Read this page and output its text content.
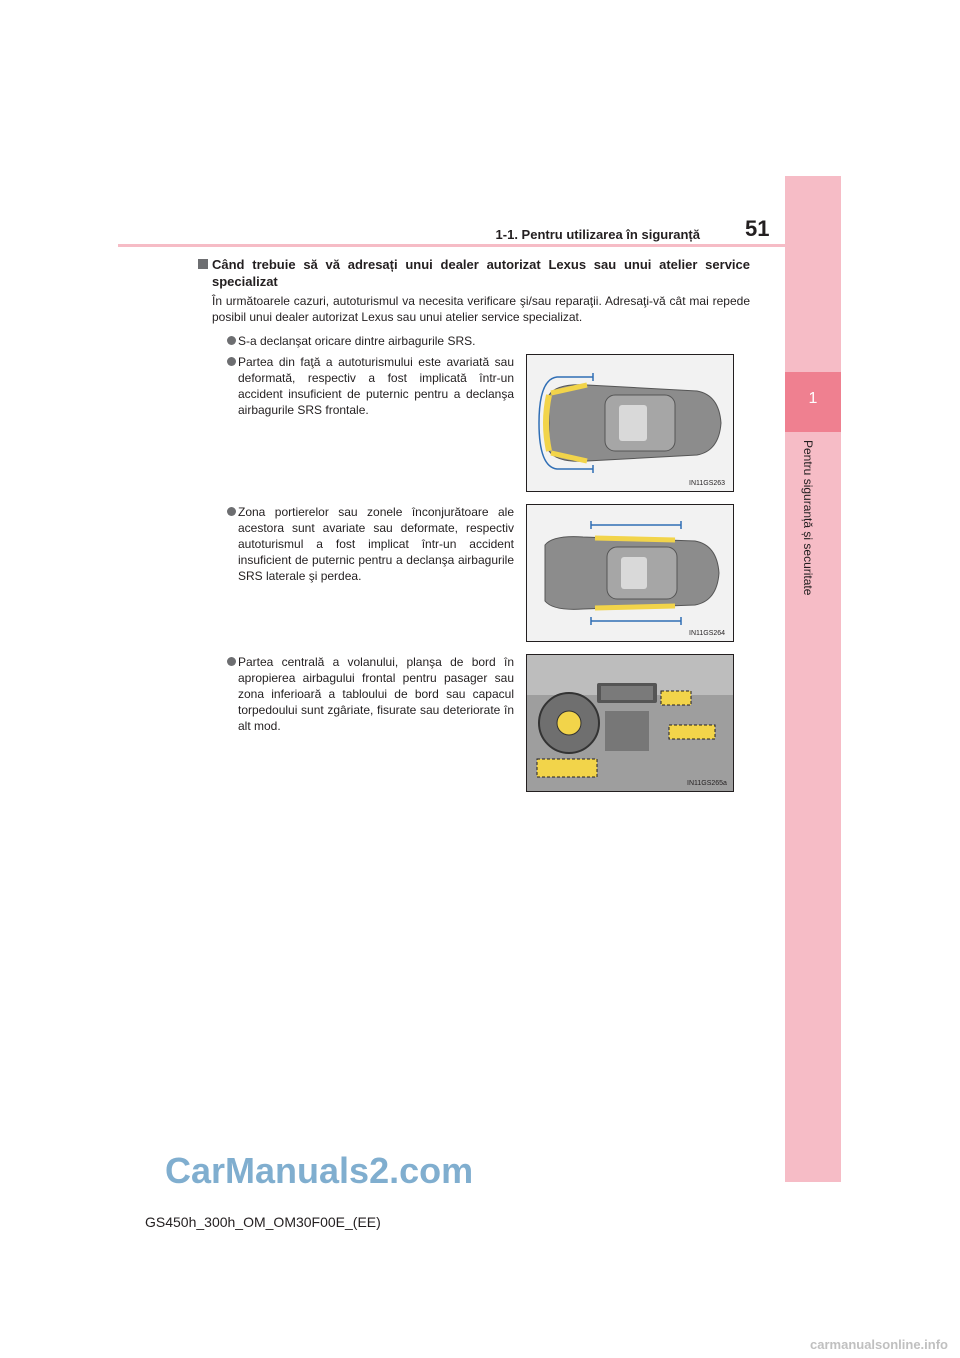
1
Pentru siguranță și securitate
1-1. Pentru utilizarea în siguranță 51
Când trebuie să vă adresați unui dealer autorizat Lexus sau unui atelier service specializat
În următoarele cazuri, autoturismul va necesita verificare şi/sau reparaţii. Adresaţi-vă cât mai repede posibil unui dealer autorizat Lexus sau unui atelier service specializat.
S-a declanşat oricare dintre airbagurile SRS.
Partea din faţă a autoturismului este avariată sau deformată, respectiv a fost implicată într-un accident insuficient de puternic pentru a declanşa airbagurile SRS frontale.
Zona portierelor sau zonele înconjurătoare ale acestora sunt avariate sau deformate, respectiv autoturismul a fost implicat într-un accident insuficient de puternic pentru a declanşa airbagurile SRS laterale şi perdea.
Partea centrală a volanului, planşa de bord în apropierea airbagului frontal pentru pasager sau zona inferioară a tabloului de bord sau capacul torpedoului sunt zgâriate, fisurate sau deteriorate în alt mod.
IN11GS263
IN11GS264
IN11GS265a
CarManuals2.com
GS450h_300h_OM_OM30F00E_(EE)
carmanualsonline.info
